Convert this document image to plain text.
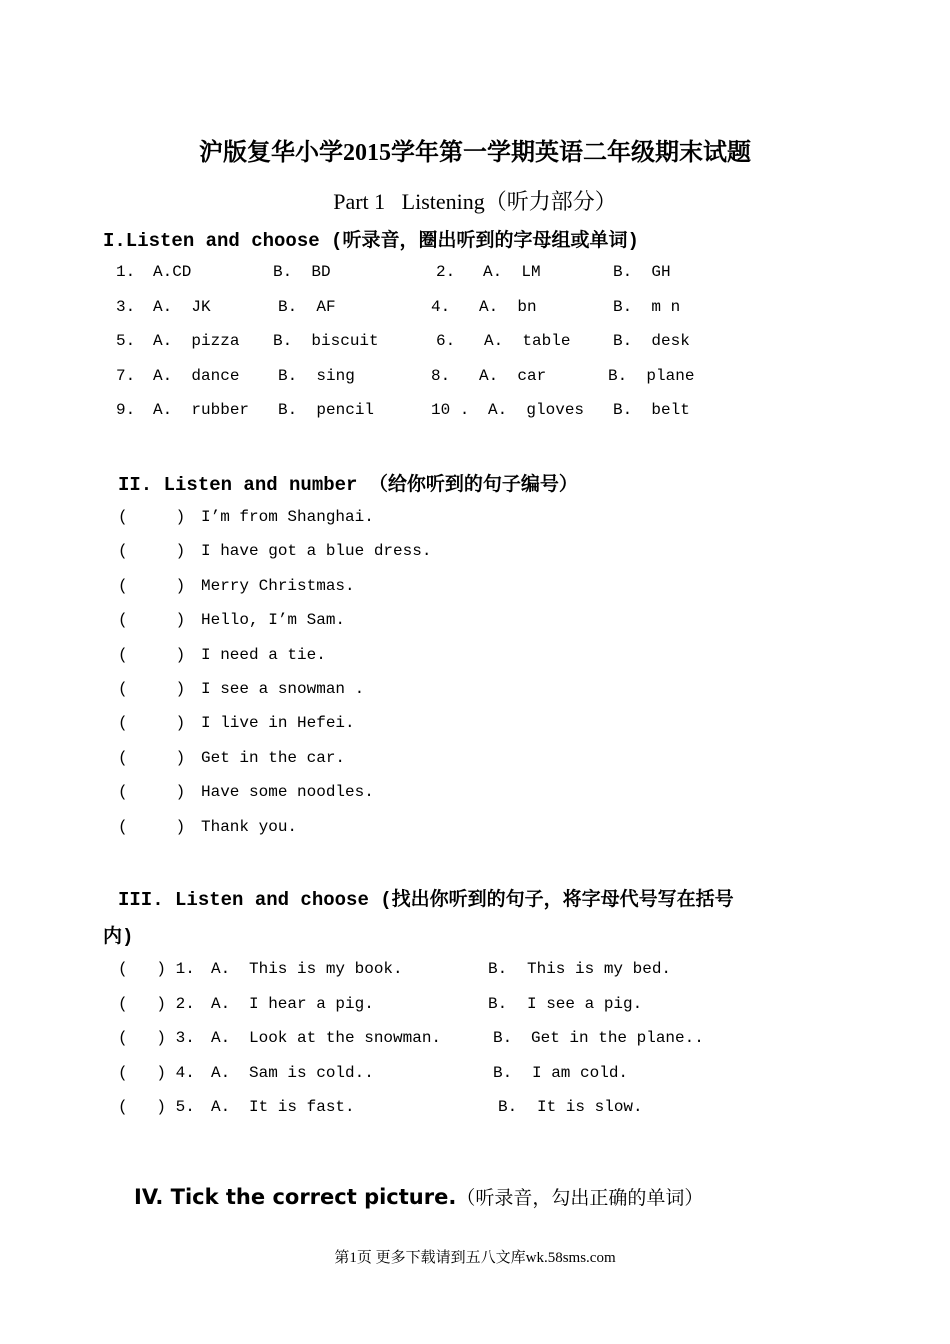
沪版复华小学2015学年第一学期英语二年级期末试题
Part 1   Listening（听力部分）
I.Listen and choose (听录音，圈出听到的字母组或单词)
1. A.CD	B.  BD	2. A.  LM	B.  GH
3. A.  JK	B.  AF	4. A.  bn	B.  m n
5. A.  pizza B.  biscuit	6. A.  table	B.  desk
7. A.  dance B.  sing	8. A.  car	B.  plane
9. A.  rubber B.  pencil	10 . A.  gloves B.  belt
II. Listen and number （给你听到的句子编号）
(     ) I’m from Shanghai.
(     ) I have got a blue dress.
(     ) Merry Christmas.
(     ) Hello, I’m Sam.
(     ) I need a tie.
(     ) I see a snowman .
(     ) I live in Hefei.
(     ) Get in the car.
(     ) Have some noodles.
(     ) Thank you.
III. Listen and choose (找出你听到的句子，将字母代号写在括号
内)
(   ) 1. A. This is my book.	B. This is my bed.
(   ) 2. A. I hear a pig.	B. I see a pig.
(   ) 3. A. Look at the snowman.	B. Get in the plane..
(   ) 4. A. Sam is cold..	B. I am cold.
(   ) 5. A. It is fast.	B. It is slow.

IV. Tick the correct picture.（听录音，勾出正确的单词）

第1页 更多下载请到五八文库wk.58sms.com
